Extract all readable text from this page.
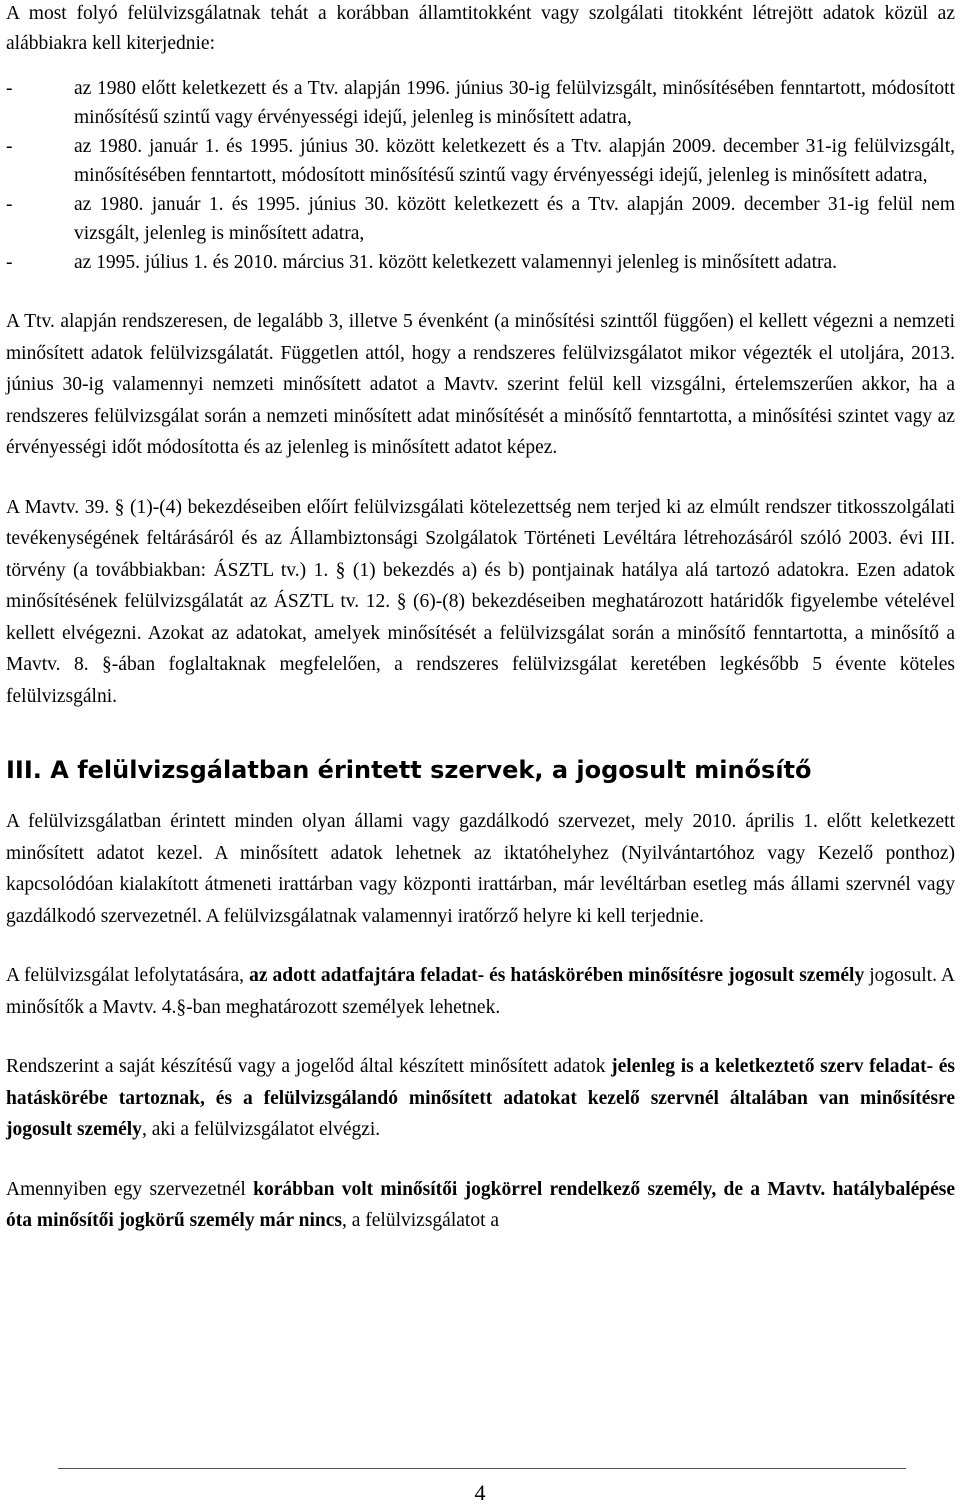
A most folyó felülvizsgálatnak tehát a korábban államtitokként vagy szolgálati titokként létrejött adatok közül az alábbiakra kell kiterjednie:

- az 1980 előtt keletkezett és a Ttv. alapján 1996. június 30-ig felülvizsgált, minősítésében fenntartott, módosított minősítésű szintű vagy érvényességi idejű, jelenleg is minősített adatra,
- az 1980. január 1. és 1995. június 30. között keletkezett és a Ttv. alapján 2009. december 31-ig felülvizsgált, minősítésében fenntartott, módosított minősítésű szintű vagy érvényességi idejű, jelenleg is minősített adatra,
- az 1980. január 1. és 1995. június 30. között keletkezett és a Ttv. alapján 2009. december 31-ig felül nem vizsgált, jelenleg is minősített adatra,
- az 1995. július 1. és 2010. március 31. között keletkezett valamennyi jelenleg is minősített adatra.

A Ttv. alapján rendszeresen, de legalább 3, illetve 5 évenként (a minősítési szinttől függően) el kellett végezni a nemzeti minősített adatok felülvizsgálatát. Független attól, hogy a rendszeres felülvizsgálatot mikor végezték el utoljára, 2013. június 30-ig valamennyi nemzeti minősített adatot a Mavtv. szerint felül kell vizsgálni, értelemszerűen akkor, ha a rendszeres felülvizsgálat során a nemzeti minősített adat minősítését a minősítő fenntartotta, a minősítési szintet vagy az érvényességi időt módosította és az jelenleg is minősített adatot képez.

A Mavtv. 39. § (1)-(4) bekezdéseiben előírt felülvizsgálati kötelezettség nem terjed ki az elmúlt rendszer titkosszolgálati tevékenységének feltárásáról és az Állambiztonsági Szolgálatok Történeti Levéltára létrehozásáról szóló 2003. évi III. törvény (a továbbiakban: ÁSZTL tv.) 1. § (1) bekezdés a) és b) pontjainak hatálya alá tartozó adatokra. Ezen adatok minősítésének felülvizsgálatát az ÁSZTL tv. 12. § (6)-(8) bekezdéseiben meghatározott határidők figyelembe vételével kellett elvégezni. Azokat az adatokat, amelyek minősítését a felülvizsgálat során a minősítő fenntartotta, a minősítő a Mavtv. 8. §-ában foglaltaknak megfelelően, a rendszeres felülvizsgálat keretében legkésőbb 5 évente köteles felülvizsgálni.

III. A felülvizsgálatban érintett szervek, a jogosult minősítő

A felülvizsgálatban érintett minden olyan állami vagy gazdálkodó szervezet, mely 2010. április 1. előtt keletkezett minősített adatot kezel. A minősített adatok lehetnek az iktatóhelyhez (Nyilvántartóhoz vagy Kezelő ponthoz) kapcsolódóan kialakított átmeneti irattárban vagy központi irattárban, már levéltárban esetleg más állami szervnél vagy gazdálkodó szervezetnél. A felülvizsgálatnak valamennyi iratőrző helyre ki kell terjednie.

A felülvizsgálat lefolytatására, az adott adatfajtára feladat- és hatáskörében minősítésre jogosult személy jogosult. A minősítők a Mavtv. 4.§-ban meghatározott személyek lehetnek.

Rendszerint a saját készítésű vagy a jogelőd által készített minősített adatok jelenleg is a keletkeztető szerv feladat- és hatáskörébe tartoznak, és a felülvizsgálandó minősített adatokat kezelő szervnél általában van minősítésre jogosult személy, aki a felülvizsgálatot elvégzi.

Amennyiben egy szervezetnél korábban volt minősítői jogkörrel rendelkező személy, de a Mavtv. hatálybalépése óta minősítői jogkörű személy már nincs, a felülvizsgálatot a

4
